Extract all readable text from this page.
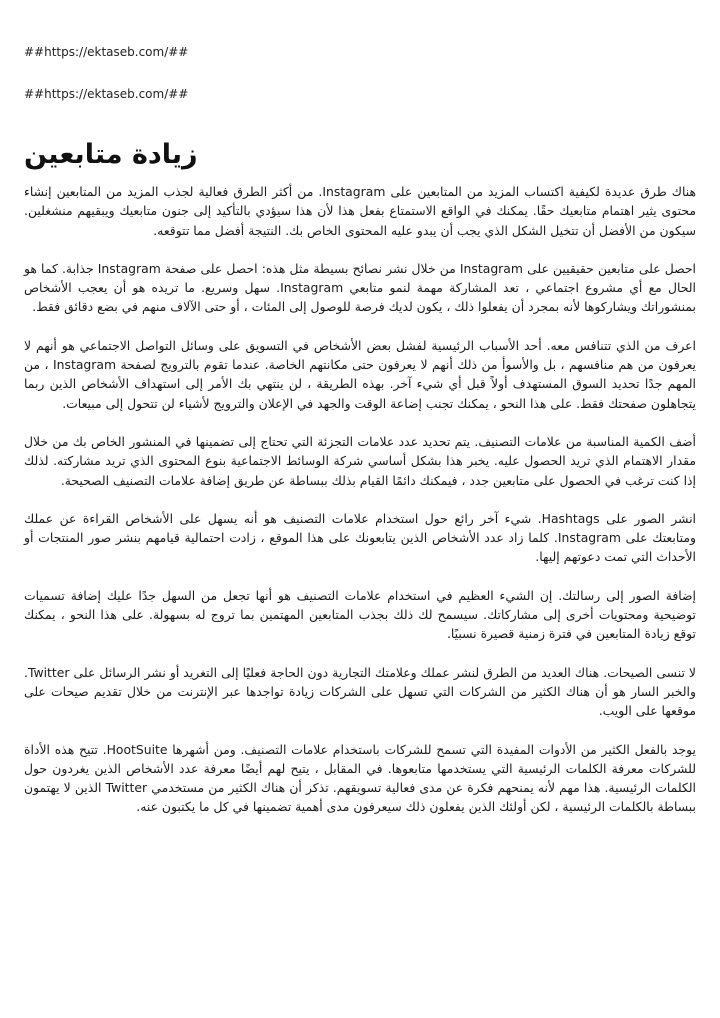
##https://ektaseb.com/##

##https://ektaseb.com/##

زيادة متابعين

هناك طرق عديدة لكيفية اكتساب المزيد من المتابعين على Instagram. من أكثر الطرق فعالية لجذب المزيد من المتابعين إنشاء محتوى يثير اهتمام متابعيك حقًا. يمكنك في الواقع الاستمتاع بفعل هذا لأن هذا سيؤدي بالتأكيد إلى جنون متابعيك ويبقيهم منشغلين. سيكون من الأفضل أن تتخيل الشكل الذي يجب أن يبدو عليه المحتوى الخاص بك. النتيجة أفضل مما تتوقعه.

احصل على متابعين حقيقيين على Instagram من خلال نشر نصائح بسيطة مثل هذه: احصل على صفحة Instagram جذابة. كما هو الحال مع أي مشروع اجتماعي ، تعد المشاركة مهمة لنمو متابعي Instagram. سهل وسريع. ما تريده هو أن يعجب الأشخاص بمنشوراتك ويشاركوها لأنه بمجرد أن يفعلوا ذلك ، يكون لديك فرصة للوصول إلى المئات ، أو حتى الآلاف منهم في بضع دقائق فقط.

اعرف من الذي تتنافس معه. أحد الأسباب الرئيسية لفشل بعض الأشخاص في التسويق على وسائل التواصل الاجتماعي هو أنهم لا يعرفون من هم منافسهم ، بل والأسوأ من ذلك أنهم لا يعرفون حتى مكانتهم الخاصة. عندما تقوم بالترويج لصفحة Instagram ، من المهم جدًا تحديد السوق المستهدف أولاً قبل أي شيء آخر. بهذه الطريقة ، لن ينتهي بك الأمر إلى استهداف الأشخاص الذين ربما يتجاهلون صفحتك فقط. على هذا النحو ، يمكنك تجنب إضاعة الوقت والجهد في الإعلان والترويج لأشياء لن تتحول إلى مبيعات.

أضف الكمية المناسبة من علامات التصنيف. يتم تحديد عدد علامات التجزئة التي تحتاج إلى تضمينها في المنشور الخاص بك من خلال مقدار الاهتمام الذي تريد الحصول عليه. يخبر هذا بشكل أساسي شركة الوسائط الاجتماعية بنوع المحتوى الذي تريد مشاركته. لذلك إذا كنت ترغب في الحصول على متابعين جدد ، فيمكنك دائمًا القيام بذلك ببساطة عن طريق إضافة علامات التصنيف الصحيحة.

انشر الصور على Hashtags. شيء آخر رائع حول استخدام علامات التصنيف هو أنه يسهل على الأشخاص القراءة عن عملك ومتابعتك على Instagram. كلما زاد عدد الأشخاص الذين يتابعونك على هذا الموقع ، زادت احتمالية قيامهم بنشر صور المنتجات أو الأحداث التي تمت دعوتهم إليها.

إضافة الصور إلى رسالتك. إن الشيء العظيم في استخدام علامات التصنيف هو أنها تجعل من السهل جدًا عليك إضافة تسميات توضيحية ومحتويات أخرى إلى مشاركاتك. سيسمح لك ذلك بجذب المتابعين المهتمين بما تروج له بسهولة. على هذا النحو ، يمكنك توقع زيادة المتابعين في فترة زمنية قصيرة نسبيًا.

لا تنسى الصيحات. هناك العديد من الطرق لنشر عملك وعلامتك التجارية دون الحاجة فعليًا إلى التغريد أو نشر الرسائل على Twitter. والخبر السار هو أن هناك الكثير من الشركات التي تسهل على الشركات زيادة تواجدها عبر الإنترنت من خلال تقديم صيحات على موقعها على الويب.

يوجد بالفعل الكثير من الأدوات المفيدة التي تسمح للشركات باستخدام علامات التصنيف. ومن أشهرها HootSuite. تتيح هذه الأداة للشركات معرفة الكلمات الرئيسية التي يستخدمها متابعوها. في المقابل ، يتيح لهم أيضًا معرفة عدد الأشخاص الذين يغردون حول الكلمات الرئيسية. هذا مهم لأنه يمنحهم فكرة عن مدى فعالية تسويقهم. تذكر أن هناك الكثير من مستخدمي Twitter الذين لا يهتمون ببساطة بالكلمات الرئيسية ، لكن أولئك الذين يفعلون ذلك سيعرفون مدى أهمية تضمينها في كل ما يكتبون عنه.
